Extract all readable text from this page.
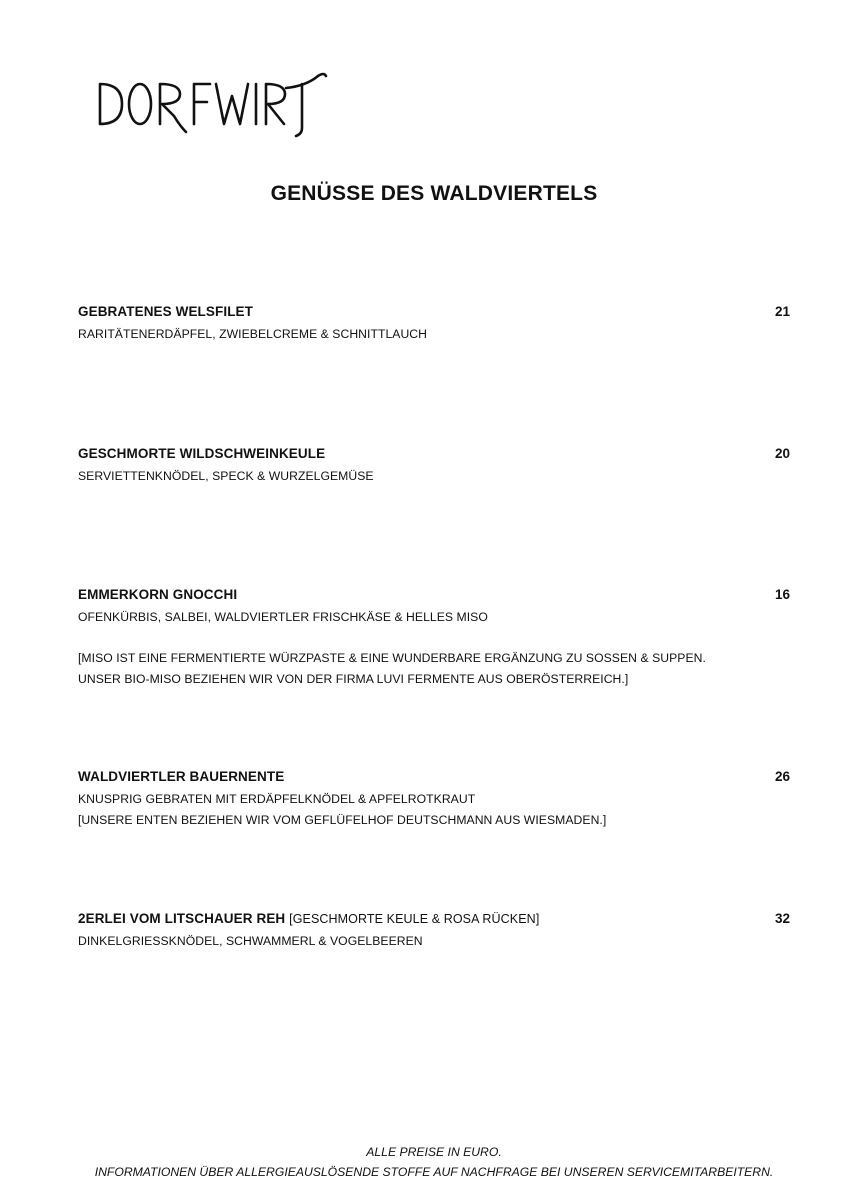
GENÜSSE DES WALDVIERTELS
GEBRATENES WELSFILET	21
RARITÄTENERDÄPFEL, ZWIEBELCREME & SCHNITTLAUCH
GESCHMORTE WILDSCHWEINKEULE	20
SERVIETTENKNÖDEL, SPECK & WURZELGEMÜSE
EMMERKORN GNOCCHI	16
OFENKÜRBIS, SALBEI, WALDVIERTLER FRISCHKÄSE & HELLES MISO
[MISO IST EINE FERMENTIERTE WÜRZPASTE & EINE WUNDERBARE ERGÄNZUNG ZU SOSSEN & SUPPEN.
UNSER BIO-MISO BEZIEHEN WIR VON DER FIRMA LUVI FERMENTE AUS OBERÖSTERREICH.]
WALDVIERTLER BAUERNENTE	26
KNUSPRIG GEBRATEN MIT ERDÄPFELKNÖDEL & APFELROTKRAUT
[UNSERE ENTEN BEZIEHEN WIR VOM GEFLÜFELHOF DEUTSCHMANN AUS WIESMADEN.]
2ERLEI VOM LITSCHAUER REH [GESCHMORTE KEULE & ROSA RÜCKEN]	32
DINKELGRIESSKNÖDEL, SCHWAMMERL & VOGELBEEREN
ALLE PREISE IN EURO.
INFORMATIONEN ÜBER ALLERGIEAUSLÖSENDE STOFFE AUF NACHFRAGE BEI UNSEREN SERVICEMITARBEITERN.
